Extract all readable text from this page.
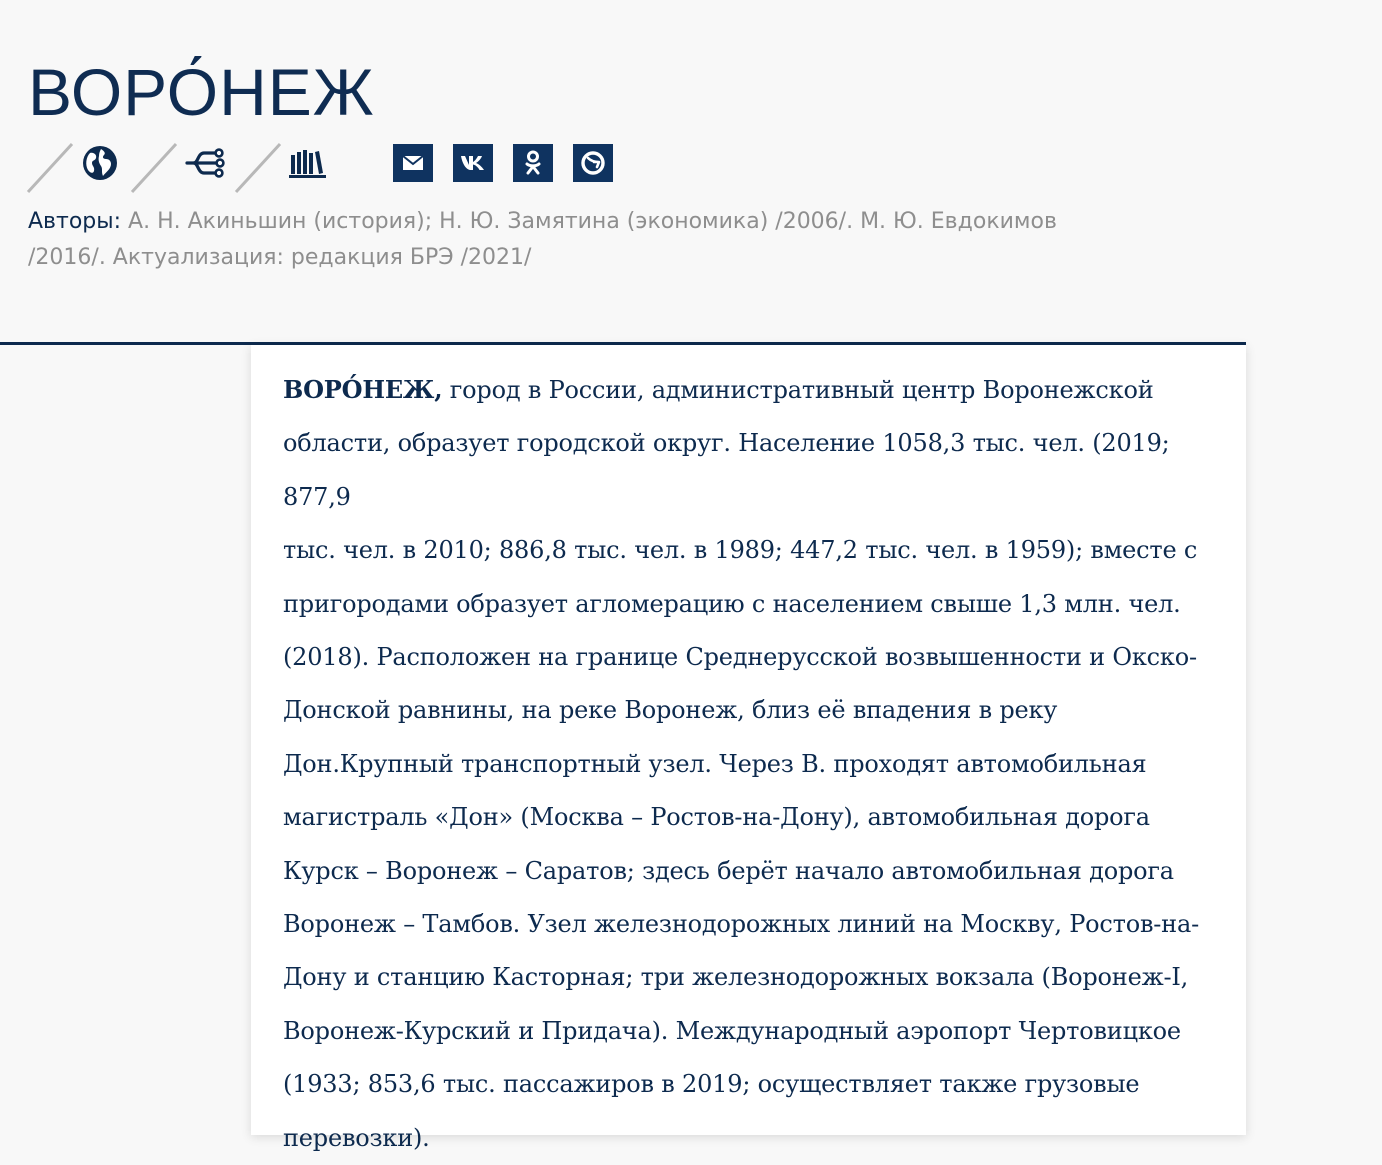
ВОРО́НЕЖ

Авторы: А. Н. Акиньшин (история); Н. Ю. Замятина (экономика) /2006/. М. Ю. Евдокимов /2016/. Актуализация: редакция БРЭ /2021/

ВОРО́НЕЖ, город в России, административный центр Воронежской
области, образует городской округ. Население 1058,3 тыс. чел. (2019; 877,9
тыс. чел. в 2010; 886,8 тыс. чел. в 1989; 447,2 тыс. чел. в 1959); вместе с
пригородами образует агломерацию с населением свыше 1,3 млн. чел.
(2018). Расположен на границе Среднерусской возвышенности и Окско-
Донской равнины, на реке Воронеж, близ её впадения в реку
Дон.Крупный транспортный узел. Через В. проходят автомобильная
магистраль «Дон» (Москва – Ростов-на-Дону), автомобильная дорога
Курск – Воронеж – Саратов; здесь берёт начало автомобильная дорога
Воронеж – Тамбов. Узел железнодорожных линий на Москву, Ростов-на-
Дону и станцию Касторная; три железнодорожных вокзала (Воронеж-I,
Воронеж-Курский и Придача). Международный аэропорт Чертовицкое
(1933; 853,6 тыс. пассажиров в 2019; осуществляет также грузовые
перевозки).
